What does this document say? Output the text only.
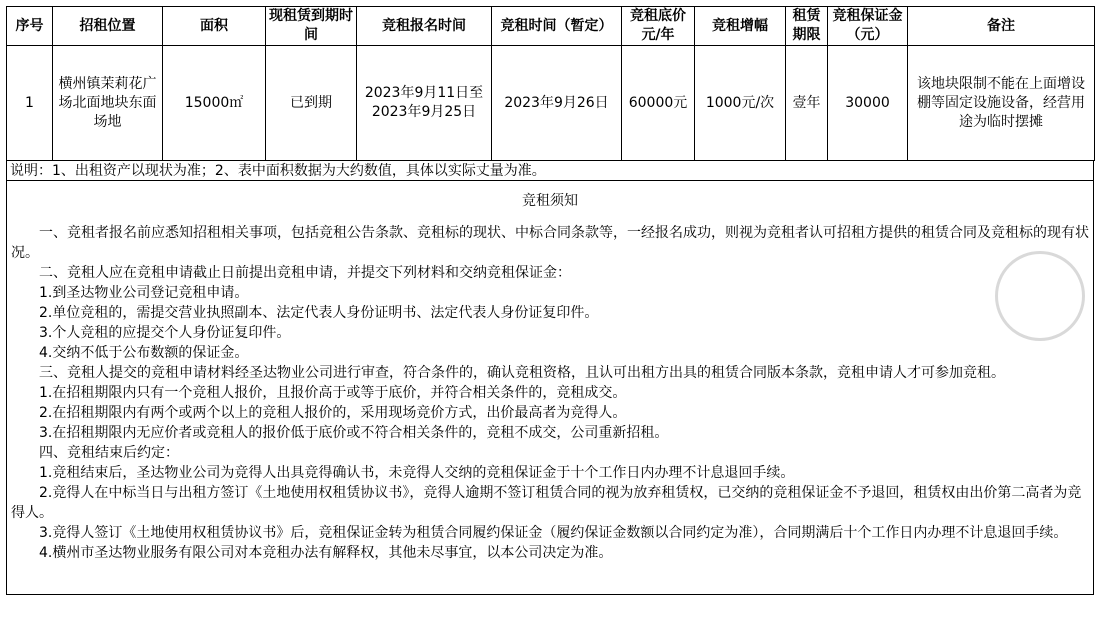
序号	招租位置	面积	现租赁到期时间	竞租报名时间	竞租时间（暂定）	竞租底价元/年	竞租增幅	租赁期限	竞租保证金（元）	备注
1	横州镇茉莉花广场北面地块东面场地	15000㎡	已到期	2023年9月11日至2023年9月25日	2023年9月26日	60000元	1000元/次	壹年	30000	该地块限制不能在上面增设棚等固定设施设备，经营用途为临时摆摊
说明：1、出租资产以现状为准；2、表中面积数据为大约数值，具体以实际丈量为准。
竞租须知

一、竞租者报名前应悉知招租相关事项，包括竞租公告条款、竞租标的现状、中标合同条款等，一经报名成功，则视为竞租者认可招租方提供的租赁合同及竞租标的现有状况。

二、竞租人应在竞租申请截止日前提出竞租申请，并提交下列材料和交纳竞租保证金：

1.到圣达物业公司登记竞租申请。

2.单位竞租的，需提交营业执照副本、法定代表人身份证明书、法定代表人身份证复印件。

3.个人竞租的应提交个人身份证复印件。

4.交纳不低于公布数额的保证金。

三、竞租人提交的竞租申请材料经圣达物业公司进行审查，符合条件的，确认竞租资格，且认可出租方出具的租赁合同版本条款，竞租申请人才可参加竞租。

1.在招租期限内只有一个竞租人报价，且报价高于或等于底价，并符合相关条件的，竞租成交。

2.在招租期限内有两个或两个以上的竞租人报价的，采用现场竞价方式，出价最高者为竞得人。

3.在招租期限内无应价者或竞租人的报价低于底价或不符合相关条件的，竞租不成交，公司重新招租。

四、竞租结束后约定：

1.竞租结束后，圣达物业公司为竞得人出具竞得确认书，未竞得人交纳的竞租保证金于十个工作日内办理不计息退回手续。

2.竞得人在中标当日与出租方签订《土地使用权租赁协议书》，竞得人逾期不签订租赁合同的视为放弃租赁权，已交纳的竞租保证金不予退回，租赁权由出价第二高者为竞得人。

3.竞得人签订《土地使用权租赁协议书》后，竞租保证金转为租赁合同履约保证金（履约保证金数额以合同约定为准），合同期满后十个工作日内办理不计息退回手续。

4.横州市圣达物业服务有限公司对本竞租办法有解释权，其他未尽事宜，以本公司决定为准。
